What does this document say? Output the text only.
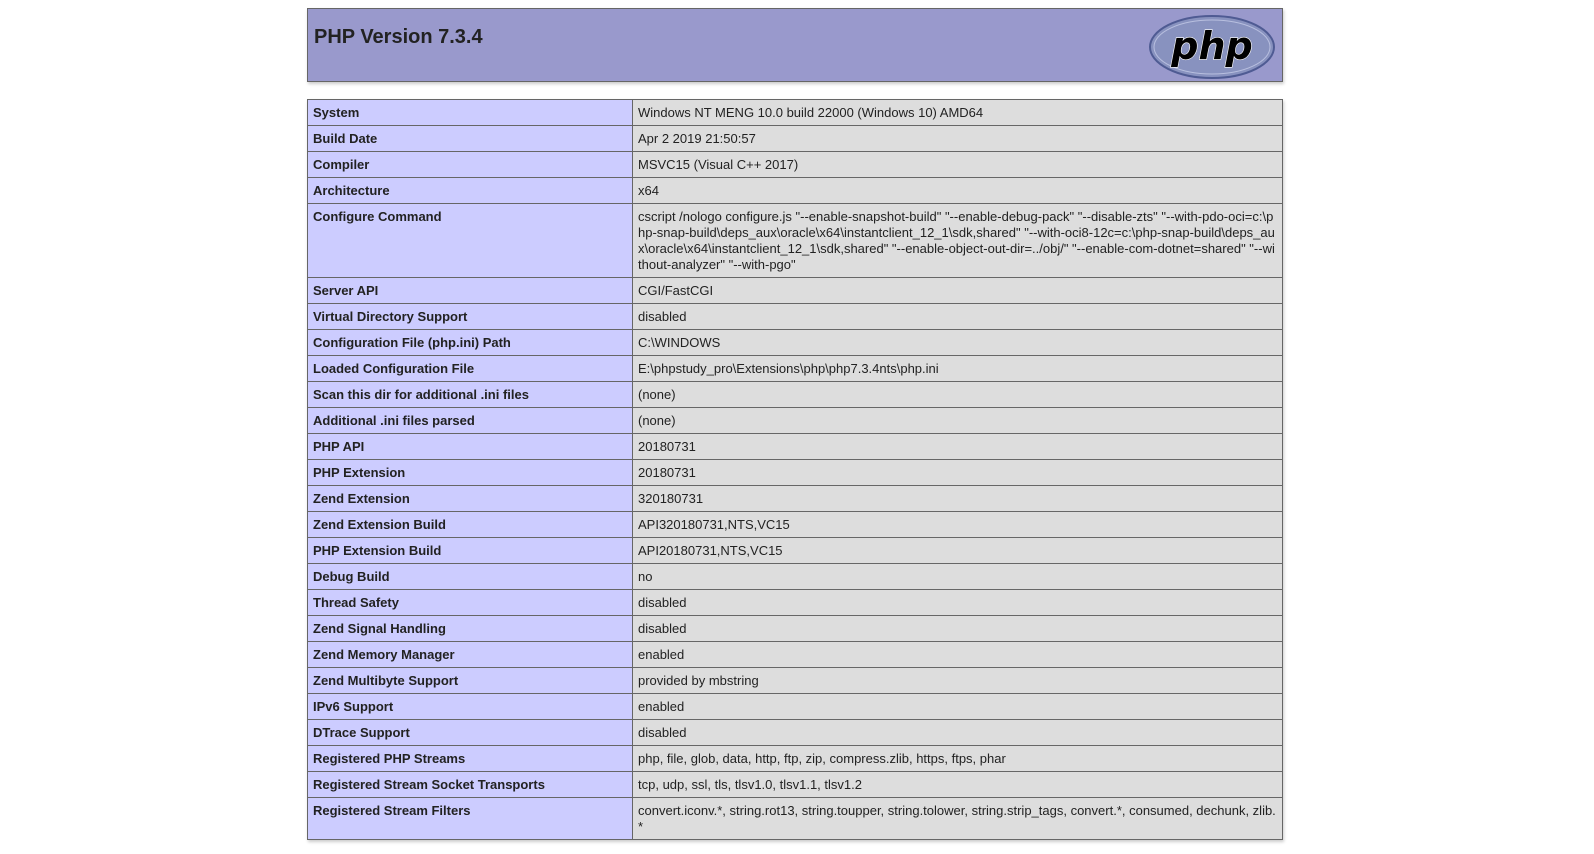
PHP Version 7.3.4	php
System	Windows NT MENG 10.0 build 22000 (Windows 10) AMD64
Build Date	Apr 2 2019 21:50:57
Compiler	MSVC15 (Visual C++ 2017)
Architecture	x64
Configure Command	cscript /nologo configure.js "--enable-snapshot-build" "--enable-debug-pack" "--disable-zts" "--with-pdo-oci=c:\php-snap-build\deps_aux\oracle\x64\instantclient_12_1\sdk,shared" "--with-oci8-12c=c:\php-snap-build\deps_aux\oracle\x64\instantclient_12_1\sdk,shared" "--enable-object-out-dir=../obj/" "--enable-com-dotnet=shared" "--without-analyzer" "--with-pgo"
Server API	CGI/FastCGI
Virtual Directory Support	disabled
Configuration File (php.ini) Path	C:\WINDOWS
Loaded Configuration File	E:\phpstudy_pro\Extensions\php\php7.3.4nts\php.ini
Scan this dir for additional .ini files	(none)
Additional .ini files parsed	(none)
PHP API	20180731
PHP Extension	20180731
Zend Extension	320180731
Zend Extension Build	API320180731,NTS,VC15
PHP Extension Build	API20180731,NTS,VC15
Debug Build	no
Thread Safety	disabled
Zend Signal Handling	disabled
Zend Memory Manager	enabled
Zend Multibyte Support	provided by mbstring
IPv6 Support	enabled
DTrace Support	disabled
Registered PHP Streams	php, file, glob, data, http, ftp, zip, compress.zlib, https, ftps, phar
Registered Stream Socket Transports	tcp, udp, ssl, tls, tlsv1.0, tlsv1.1, tlsv1.2
Registered Stream Filters	convert.iconv.*, string.rot13, string.toupper, string.tolower, string.strip_tags, convert.*, consumed, dechunk, zlib.*
